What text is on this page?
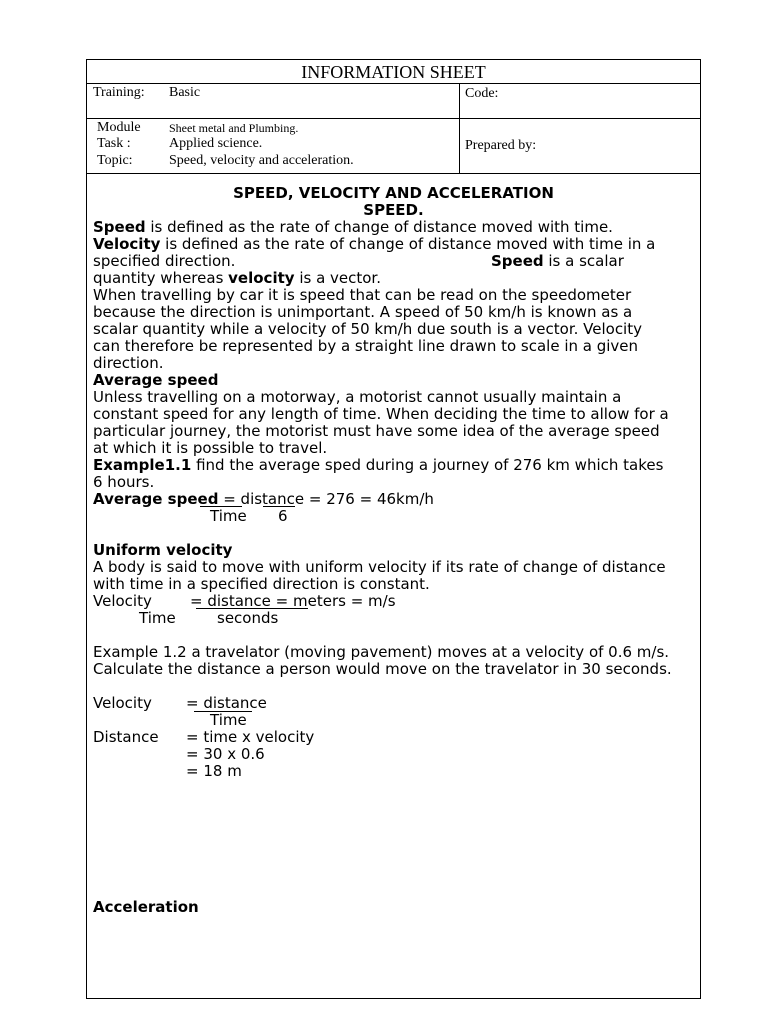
INFORMATION SHEET
Training: Basic	Code:
Module Sheet metal and Plumbing.
Task :	Applied science.
Topic:	Speed, velocity and acceleration.
Prepared by:
SPEED, VELOCITY AND ACCELERATION
SPEED.
Speed is defined as the rate of change of distance moved with time.
Velocity is defined as the rate of change of distance moved with time in a
specified direction.	Speed is a scalar
quantity whereas velocity is a vector.
When travelling by car it is speed that can be read on the speedometer
because the direction is unimportant. A speed of 50 km/h is known as a
scalar quantity while a velocity of 50 km/h due south is a vector. Velocity
can therefore be represented by a straight line drawn to scale in a given
direction.
Average speed
Unless travelling on a motorway, a motorist cannot usually maintain a
constant speed for any length of time. When deciding the time to allow for a
particular journey, the motorist must have some idea of the average speed
at which it is possible to travel.
Example1.1 find the average sped during a journey of 276 km which takes
6 hours.
Average speed = distance = 276 = 46km/h
Time 6
Uniform velocity
A body is said to move with uniform velocity if its rate of change of distance
with time in a specified direction is constant.
Velocity	= distance = meters = m/s
Time	seconds
Example 1.2 a travelator (moving pavement) moves at a velocity of 0.6 m/s.
Calculate the distance a person would move on the travelator in 30 seconds.
Velocity = distance
Time
Distance = time x velocity
= 30 x 0.6
= 18 m
Acceleration
